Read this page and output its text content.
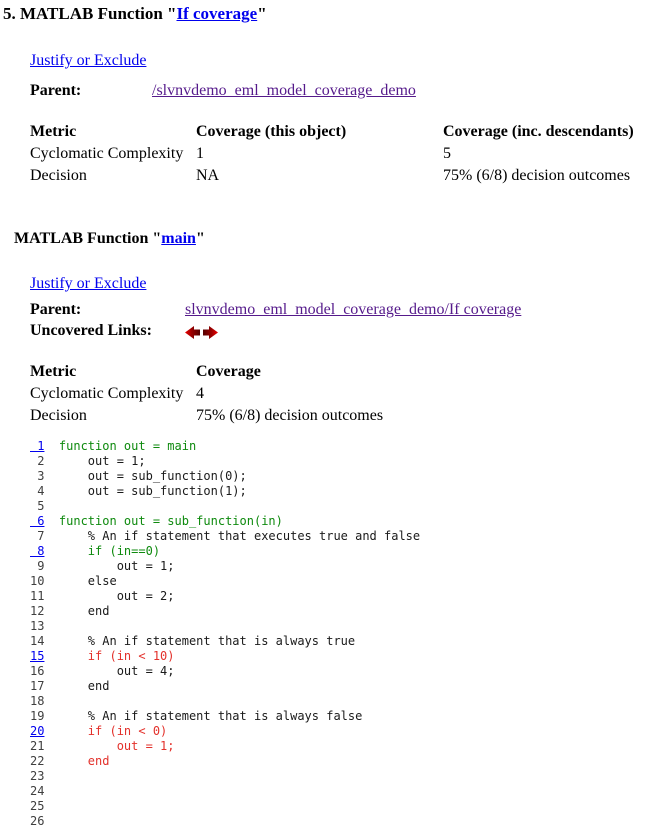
5. MATLAB Function "If coverage"
Justify or Exclude
Parent:	/slvnvdemo_eml_model_coverage_demo
Metric	Coverage (this object)	Coverage (inc. descendants)
Cyclomatic Complexity	1	5
Decision	NA	75% (6/8) decision outcomes
MATLAB Function "main"
Justify or Exclude
Parent:	slvnvdemo_eml_model_coverage_demo/If coverage
Uncovered Links:
Metric	Coverage
Cyclomatic Complexity	4
Decision	75% (6/8) decision outcomes
1  function out = main
2      out = 1;
3      out = sub_function(0);
4      out = sub_function(1);
5
6  function out = sub_function(in)
7      % An if statement that executes true and false
8      if (in==0)
9          out = 1;
10      else
11          out = 2;
12      end
13
14      % An if statement that is always true
15      if (in < 10)
16          out = 4;
17      end
18
19      % An if statement that is always false
20      if (in < 0)
21          out = 1;
22      end
23
24
25
26
